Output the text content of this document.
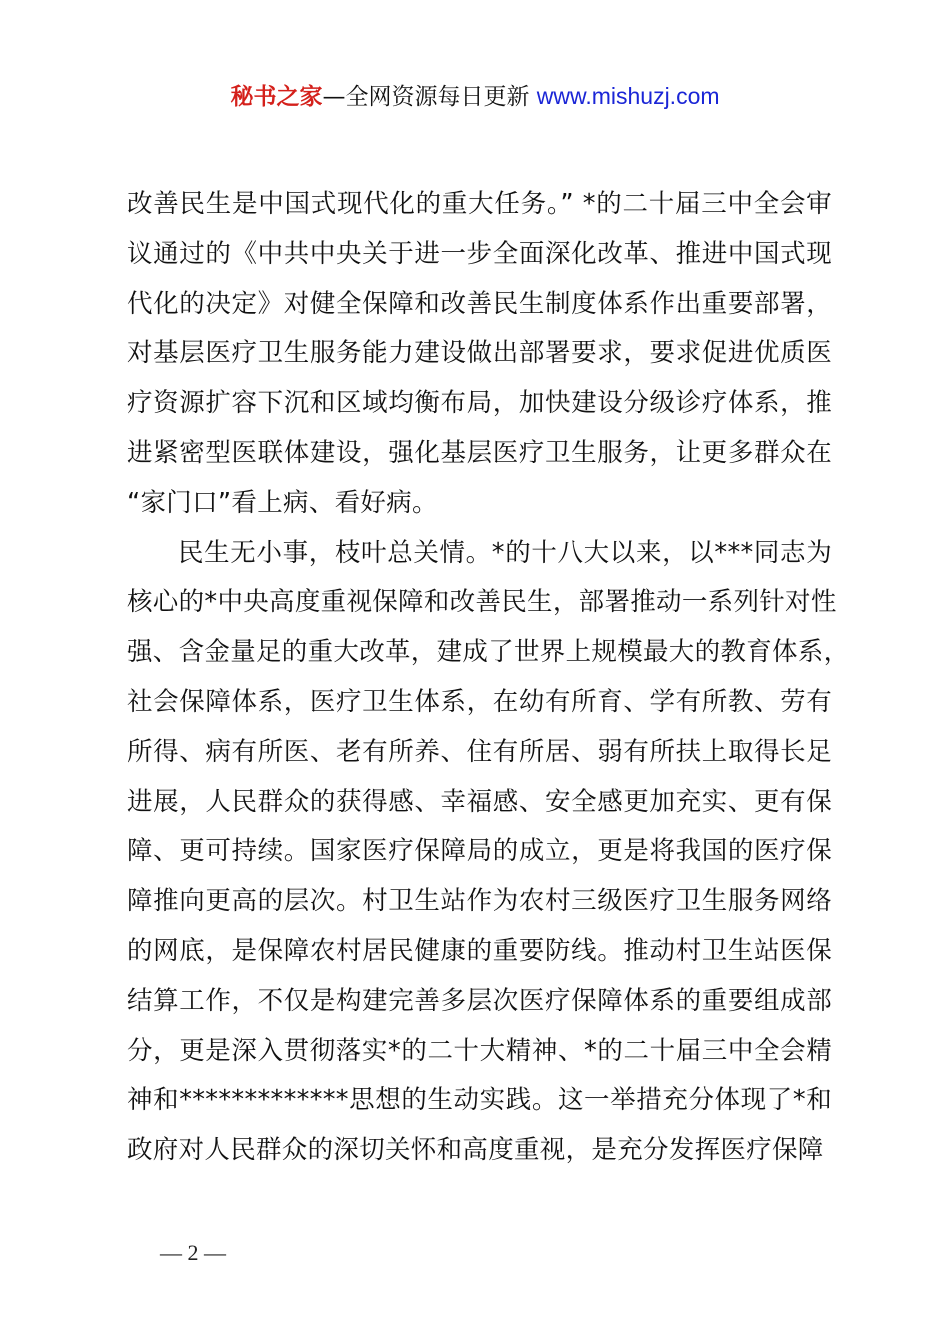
秘书之家—全网资源每日更新 www.mishuzj.com
改善民生是中国式现代化的重大任务。” *的二十届三中全会审
议通过的《中共中央关于进一步全面深化改革、推进中国式现
代化的决定》对健全保障和改善民生制度体系作出重要部署，
对基层医疗卫生服务能力建设做出部署要求，要求促进优质医
疗资源扩容下沉和区域均衡布局，加快建设分级诊疗体系，推
进紧密型医联体建设，强化基层医疗卫生服务，让更多群众在
“家门口”看上病、看好病。
民生无小事，枝叶总关情。*的十八大以来，以***同志为
核心的*中央高度重视保障和改善民生，部署推动一系列针对性
强、含金量足的重大改革，建成了世界上规模最大的教育体系，
社会保障体系，医疗卫生体系，在幼有所育、学有所教、劳有
所得、病有所医、老有所养、住有所居、弱有所扶上取得长足
进展，人民群众的获得感、幸福感、安全感更加充实、更有保
障、更可持续。国家医疗保障局的成立，更是将我国的医疗保
障推向更高的层次。村卫生站作为农村三级医疗卫生服务网络
的网底，是保障农村居民健康的重要防线。推动村卫生站医保
结算工作，不仅是构建完善多层次医疗保障体系的重要组成部
分，更是深入贯彻落实*的二十大精神、*的二十届三中全会精
神和*************思想的生动实践。这一举措充分体现了*和
政府对人民群众的深切关怀和高度重视，是充分发挥医疗保障
— 2 —
